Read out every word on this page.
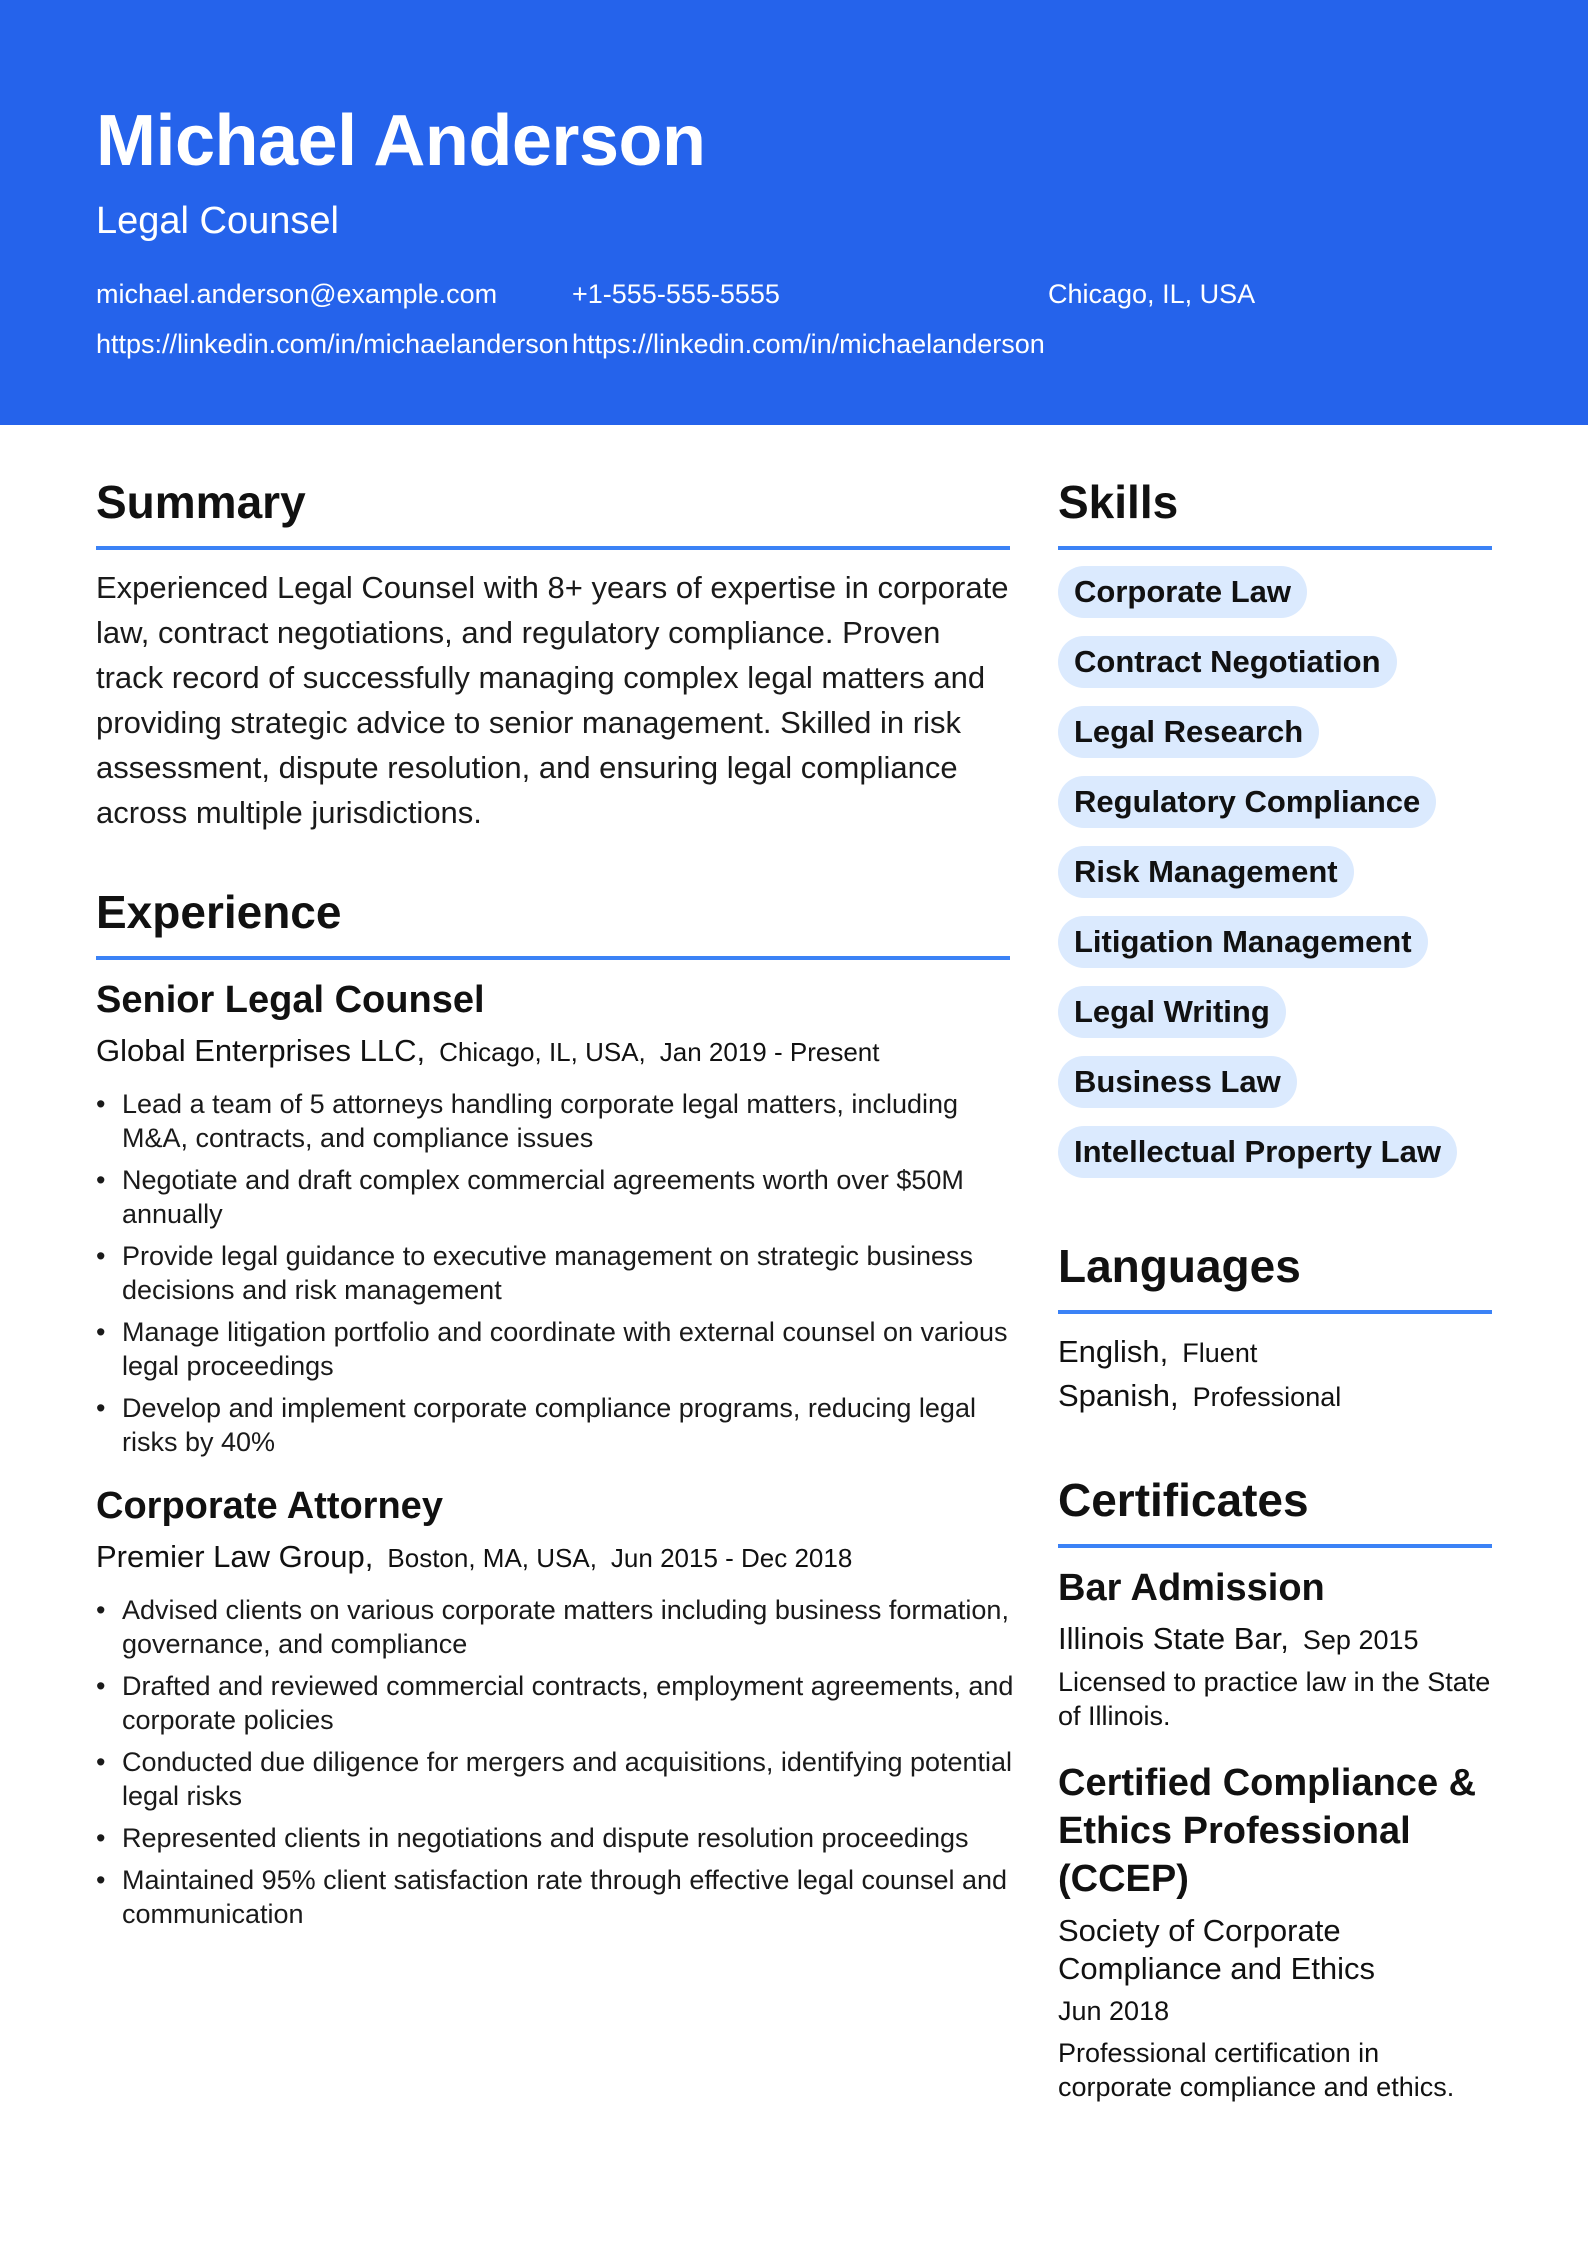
Michael Anderson
Legal Counsel
michael.anderson@example.com	+1-555-555-5555	Chicago, IL, USA
https://linkedin.com/in/michaelanderson https://linkedin.com/in/michaelanderson
Summary

Experienced Legal Counsel with 8+ years of expertise in corporate law, contract negotiations, and regulatory compliance. Proven track record of successfully managing complex legal matters and providing strategic advice to senior management. Skilled in risk assessment, dispute resolution, and ensuring legal compliance across multiple jurisdictions.

Experience
Senior Legal Counsel
Global Enterprises LLC, Chicago, IL, USA, Jan 2019 - Present
• Lead a team of 5 attorneys handling corporate legal matters, including M&A, contracts, and compliance issues
• Negotiate and draft complex commercial agreements worth over $50M annually
• Provide legal guidance to executive management on strategic business decisions and risk management
• Manage litigation portfolio and coordinate with external counsel on various legal proceedings
• Develop and implement corporate compliance programs, reducing legal risks by 40%
Corporate Attorney
Premier Law Group, Boston, MA, USA, Jun 2015 - Dec 2018
• Advised clients on various corporate matters including business formation, governance, and compliance
• Drafted and reviewed commercial contracts, employment agreements, and corporate policies
• Conducted due diligence for mergers and acquisitions, identifying potential legal risks
• Represented clients in negotiations and dispute resolution proceedings
• Maintained 95% client satisfaction rate through effective legal counsel and communication
Skills
Corporate Law
Contract Negotiation
Legal Research
Regulatory Compliance
Risk Management
Litigation Management
Legal Writing
Business Law
Intellectual Property Law
Languages
English, Fluent
Spanish, Professional
Certificates
Bar Admission
Illinois State Bar, Sep 2015
Licensed to practice law in the State of Illinois.
Certified Compliance & Ethics Professional (CCEP)
Society of Corporate Compliance and Ethics
Jun 2018
Professional certification in corporate compliance and ethics.
